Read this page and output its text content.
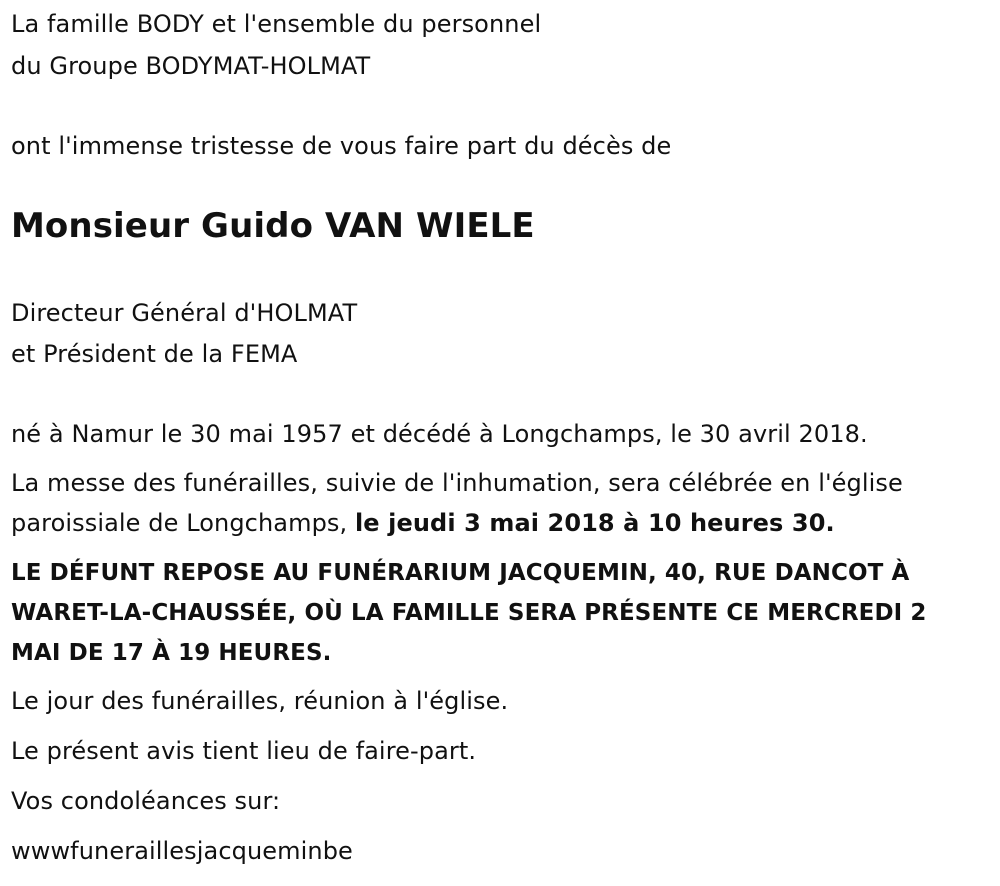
La famille BODY et l'ensemble du personnel
du Groupe BODYMAT-HOLMAT
ont l'immense tristesse de vous faire part du décès de
Monsieur Guido VAN WIELE
Directeur Général d'HOLMAT
et Président de la FEMA
né à Namur le 30 mai 1957 et décédé à Longchamps, le 30 avril 2018.
La messe des funérailles, suivie de l'inhumation, sera célébrée en l'église
paroissiale de Longchamps, le jeudi 3 mai 2018 à 10 heures 30.
LE DÉFUNT REPOSE AU FUNÉRARIUM JACQUEMIN, 40, RUE DANCOT À
WARET-LA-CHAUSSÉE, OÙ LA FAMILLE SERA PRÉSENTE CE MERCREDI 2
MAI DE 17 À 19 HEURES.
Le jour des funérailles, réunion à l'église.
Le présent avis tient lieu de faire-part.
Vos condoléances sur:
wwwfuneraillesjacqueminbe
